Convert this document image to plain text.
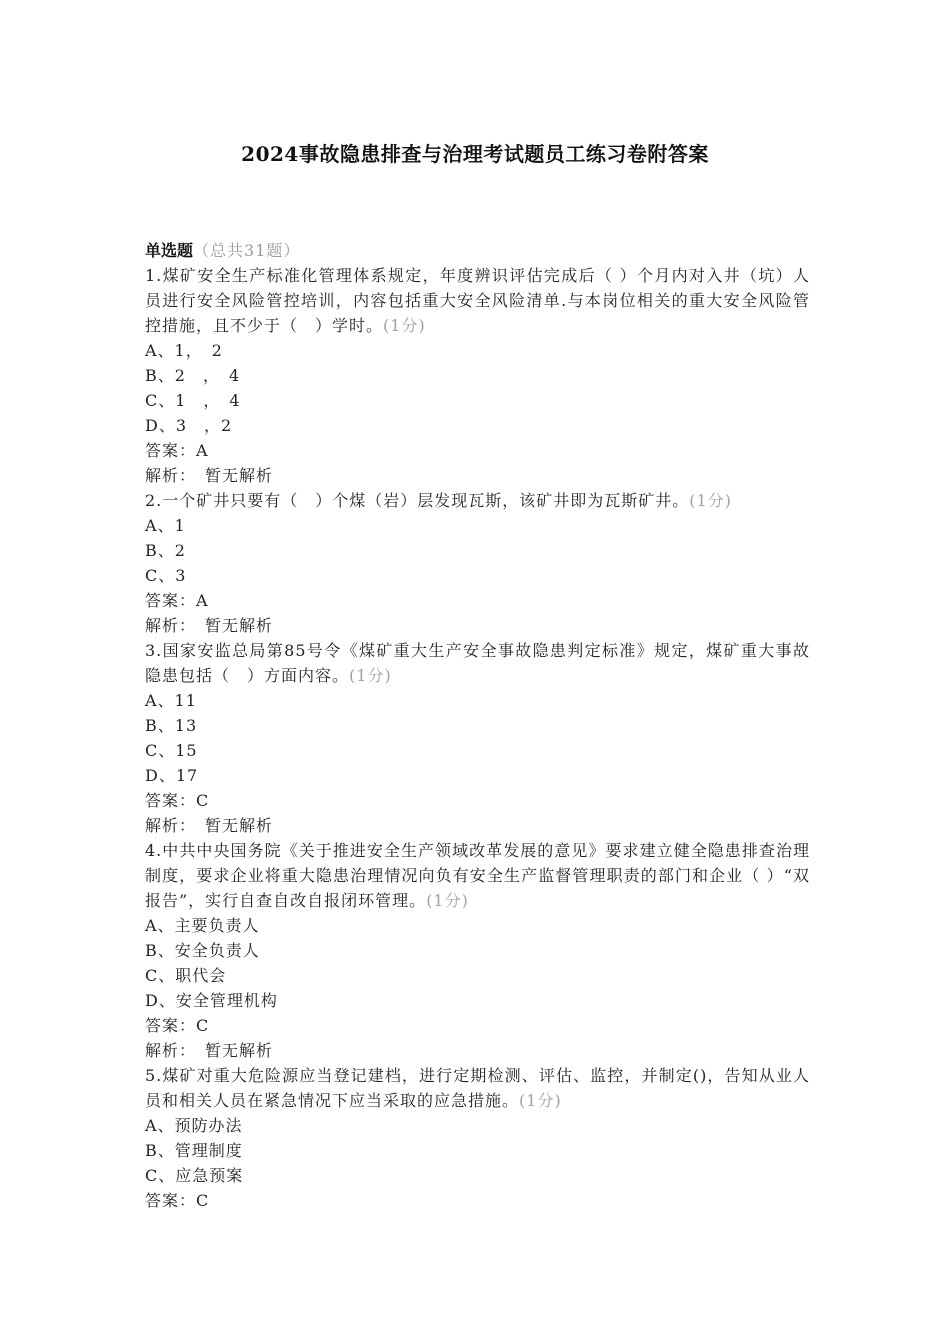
2024事故隐患排查与治理考试题员工练习卷附答案
单选题（总共31题）
1.煤矿安全生产标准化管理体系规定，年度辨识评估完成后（ ）个月内对入井（坑）人员进行安全风险管控培训，内容包括重大安全风险清单.与本岗位相关的重大安全风险管控措施，且不少于（　）学时。(1分)
A、1，　2
B、2　，　4
C、1　，　4
D、3　，2
答案：A
解析：　暂无解析
2.一个矿井只要有（　）个煤（岩）层发现瓦斯，该矿井即为瓦斯矿井。(1分)
A、1
B、2
C、3
答案：A
解析：　暂无解析
3.国家安监总局第85号令《煤矿重大生产安全事故隐患判定标准》规定，煤矿重大事故隐患包括（　）方面内容。(1分)
A、11
B、13
C、15
D、17
答案：C
解析：　暂无解析
4.中共中央国务院《关于推进安全生产领域改革发展的意见》要求建立健全隐患排查治理制度，要求企业将重大隐患治理情况向负有安全生产监督管理职责的部门和企业（ ）“双报告”，实行自查自改自报闭环管理。(1分)
A、主要负责人
B、安全负责人
C、职代会
D、安全管理机构
答案：C
解析：　暂无解析
5.煤矿对重大危险源应当登记建档，进行定期检测、评估、监控，并制定()，告知从业人员和相关人员在紧急情况下应当采取的应急措施。(1分)
A、预防办法
B、管理制度
C、应急预案
答案：C
